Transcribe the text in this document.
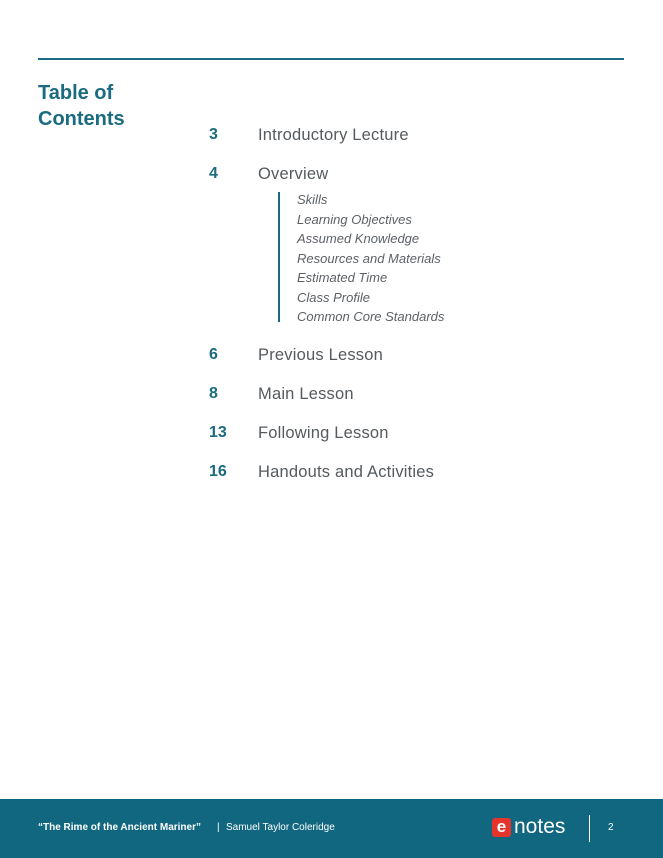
Table of Contents
3 Introductory Lecture
4 Overview
6 Previous Lesson
8 Main Lesson
13 Following Lesson
16 Handouts and Activities
Skills
Learning Objectives
Assumed Knowledge
Resources and Materials
Estimated Time
Class Profile
Common Core Standards
“The Rime of the Ancient Mariner” | Samuel Taylor Coleridge	e notes	2
